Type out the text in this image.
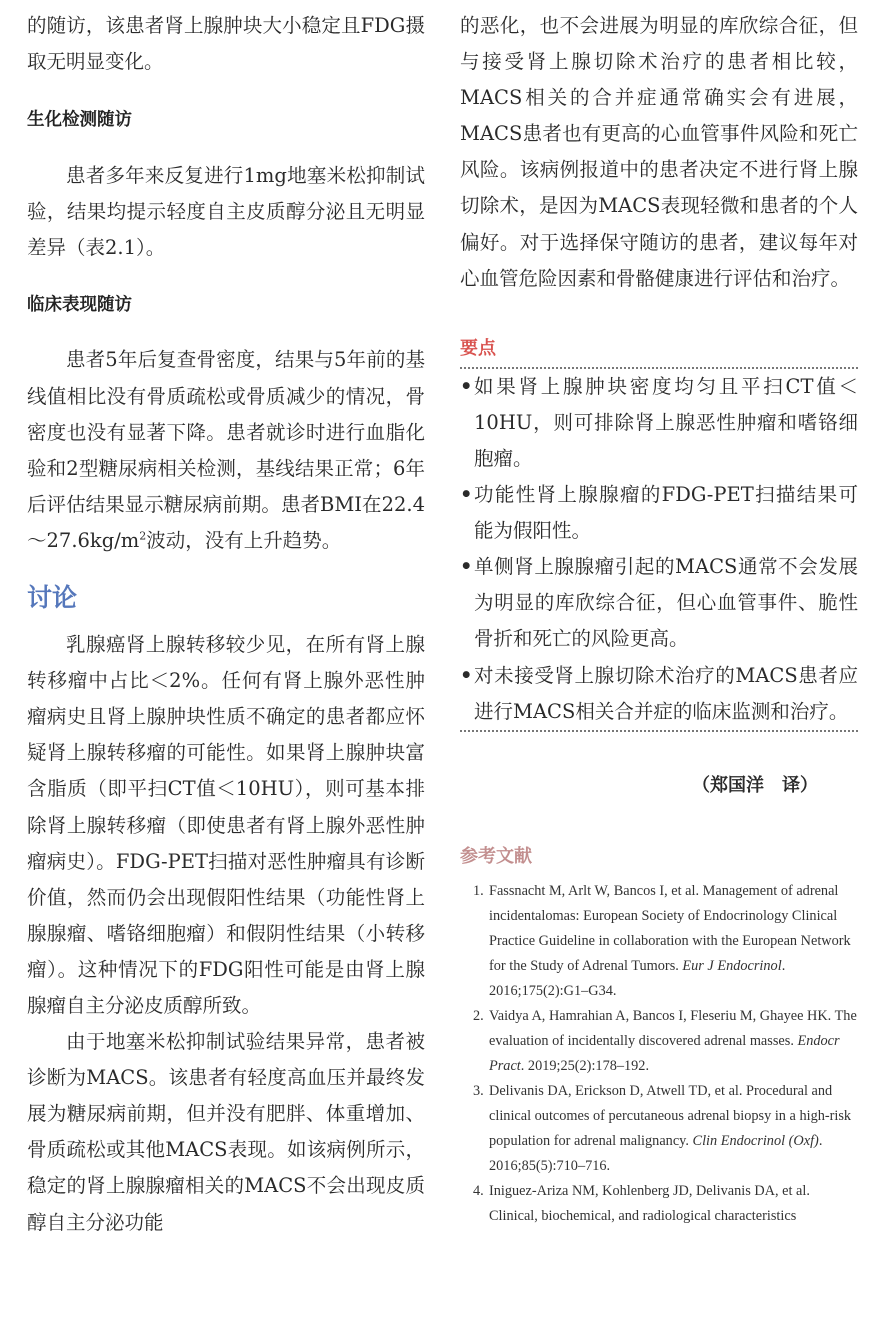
的随访，该患者肾上腺肿块大小稳定且FDG摄取无明显变化。

生化检测随访

患者多年来反复进行1mg地塞米松抑制试验，结果均提示轻度自主皮质醇分泌且无明显差异（表2.1）。

临床表现随访

患者5年后复查骨密度，结果与5年前的基线值相比没有骨质疏松或骨质减少的情况，骨密度也没有显著下降。患者就诊时进行血脂化验和2型糖尿病相关检测，基线结果正常；6年后评估结果显示糖尿病前期。患者BMI在$22.4\sim 27.6kg/m^2$波动，没有上升趋势。

讨论

乳腺癌肾上腺转移较少见，在所有肾上腺转移瘤中占比＜2%。任何有肾上腺外恶性肿瘤病史且肾上腺肿块性质不确定的患者都应怀疑肾上腺转移瘤的可能性。如果肾上腺肿块富含脂质（即平扫CT值＜10HU），则可基本排除肾上腺转移瘤（即使患者有肾上腺外恶性肿瘤病史）。FDG-PET扫描对恶性肿瘤具有诊断价值，然而仍会出现假阳性结果（功能性肾上腺腺瘤、嗜铬细胞瘤）和假阴性结果（小转移瘤）。这种情况下的FDG阳性可能是由肾上腺腺瘤自主分泌皮质醇所致。

由于地塞米松抑制试验结果异常，患者被诊断为MACS。该患者有轻度高血压并最终发展为糖尿病前期，但并没有肥胖、体重增加、骨质疏松或其他MACS表现。如该病例所示，稳定的肾上腺腺瘤相关的MACS不会出现皮质醇自主分泌功能

的恶化，也不会进展为明显的库欣综合征，但与接受肾上腺切除术治疗的患者相比较，MACS相关的合并症通常确实会有进展，MACS患者也有更高的心血管事件风险和死亡风险。该病例报道中的患者决定不进行肾上腺切除术，是因为MACS表现轻微和患者的个人偏好。对于选择保守随访的患者，建议每年对心血管危险因素和骨骼健康进行评估和治疗。

要点

• 如果肾上腺肿块密度均匀且平扫CT值＜10HU，则可排除肾上腺恶性肿瘤和嗜铬细胞瘤。
• 功能性肾上腺腺瘤的FDG-PET扫描结果可能为假阳性。
• 单侧肾上腺腺瘤引起的MACS通常不会发展为明显的库欣综合征，但心血管事件、脆性骨折和死亡的风险更高。
• 对未接受肾上腺切除术治疗的MACS患者应进行MACS相关合并症的临床监测和治疗。

（郑国洋　译）

参考文献

1. Fassnacht M, Arlt W, Bancos I, et al. Management of adrenal incidentalomas: European Society of Endocrinology Clinical Practice Guideline in collaboration with the European Network for the Study of Adrenal Tumors. Eur J Endocrinol. 2016;175(2):G1–G34.
2. Vaidya A, Hamrahian A, Bancos I, Fleseriu M, Ghayee HK. The evaluation of incidentally discovered adrenal masses. Endocr Pract. 2019;25(2):178–192.
3. Delivanis DA, Erickson D, Atwell TD, et al. Procedural and clinical outcomes of percutaneous adrenal biopsy in a high-risk population for adrenal malignancy. Clin Endocrinol (Oxf). 2016;85(5):710–716.
4. Iniguez-Ariza NM, Kohlenberg JD, Delivanis DA, et al. Clinical, biochemical, and radiological characteristics
